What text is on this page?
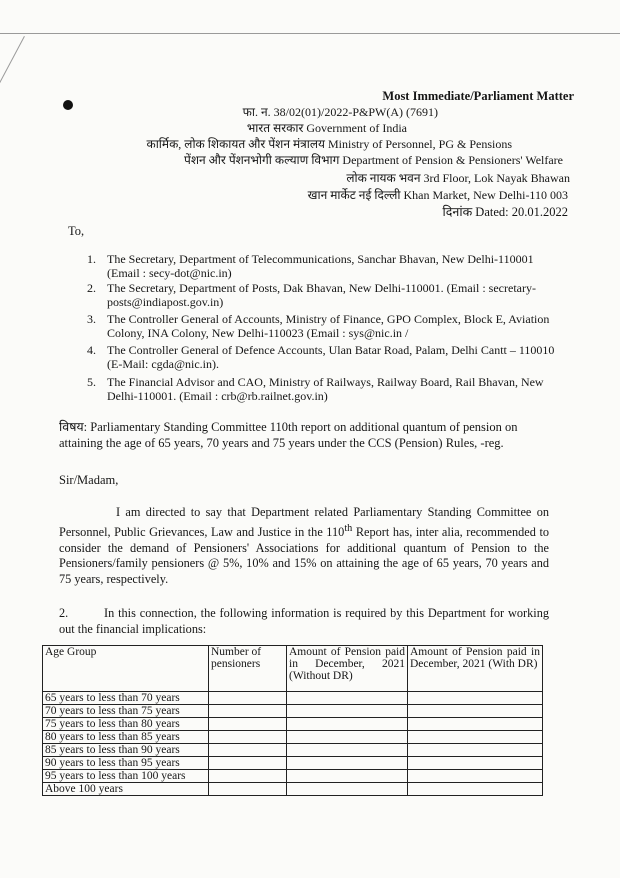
Most Immediate/Parliament Matter
फा. न. 38/02(01)/2022-P&PW(A) (7691)
भारत सरकार Government of India
कार्मिक, लोक शिकायत और पेंशन मंत्रालय Ministry of Personnel, PG & Pensions
पेंशन और पेंशनभोगी कल्याण विभाग Department of Pension & Pensioners' Welfare
लोक नायक भवन 3rd Floor, Lok Nayak Bhawan
खान मार्केट नई दिल्ली Khan Market, New Delhi-110 003
दिनांक Dated: 20.01.2022
To,
1. The Secretary, Department of Telecommunications, Sanchar Bhavan, New Delhi-110001 (Email : secy-dot@nic.in)
2. The Secretary, Department of Posts, Dak Bhavan, New Delhi-110001. (Email : secretary-posts@indiapost.gov.in)
3. The Controller General of Accounts, Ministry of Finance, GPO Complex, Block E, Aviation Colony, INA Colony, New Delhi-110023 (Email : sys@nic.in /
4. The Controller General of Defence Accounts, Ulan Batar Road, Palam, Delhi Cantt – 110010 (E-Mail: cgda@nic.in).
5. The Financial Advisor and CAO, Ministry of Railways, Railway Board, Rail Bhavan, New Delhi-110001. (Email : crb@rb.railnet.gov.in)
विषय: Parliamentary Standing Committee 110th report on additional quantum of pension on attaining the age of 65 years, 70 years and 75 years under the CCS (Pension) Rules, -reg.
Sir/Madam,
I am directed to say that Department related Parliamentary Standing Committee on Personnel, Public Grievances, Law and Justice in the 110th Report has, inter alia, recommended to consider the demand of Pensioners' Associations for additional quantum of Pension to the Pensioners/family pensioners @ 5%, 10% and 15% on attaining the age of 65 years, 70 years and 75 years, respectively.
2.	In this connection, the following information is required by this Department for working out the financial implications:
Age Group	Number of pensioners	Amount of Pension paid in December, 2021 (Without DR)	Amount of Pension paid in December, 2021 (With DR)
65 years to less than 70 years			
70 years to less than 75 years			
75 years to less than 80 years			
80 years to less than 85 years			
85 years to less than 90 years			
90 years to less than 95 years			
95 years to less than 100 years			
Above 100 years			
